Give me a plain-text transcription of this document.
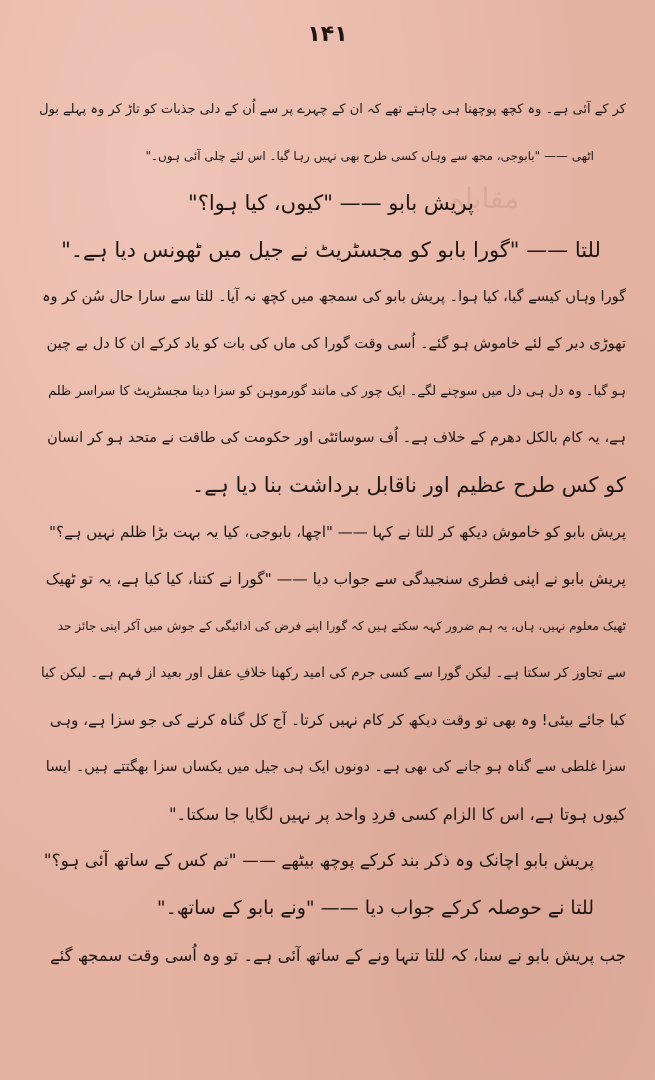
مقابلہ
۱۴۱
کر کے آئی ہے۔ وہ کچھ پوچھنا ہی چاہتے تھے کہ ان کے چہرے پر سے اُن کے دلی جذبات کو تاڑ کر وہ پہلے بول
اٹھی —— "بابوجی، مجھ سے وہاں کسی طرح بھی نہیں رہا گیا۔ اس لئے چلی آئی ہوں۔"
پریش بابو —— "کیوں، کیا ہوا؟"
للتا —— "گورا بابو کو مجسٹریٹ نے جیل میں ٹھونس دیا ہے۔"
گورا وہاں کیسے گیا، کیا ہوا۔ پریش بابو کی سمجھ میں کچھ نہ آیا۔ للتا سے سارا حال سُن کر وہ
تھوڑی دیر کے لئے خاموش ہو گئے۔ اُسی وقت گورا کی ماں کی بات کو یاد کرکے ان کا دل بے چین
ہو گیا۔ وہ دل ہی دل میں سوچنے لگے۔ ایک چور کی مانند گورموہن کو سزا دینا مجسٹریٹ کا سراسر ظلم
ہے، یہ کام بالکل دھرم کے خلاف ہے۔ اُف سوسائٹی اور حکومت کی طاقت نے متحد ہو کر انسان
کو کس طرح عظیم اور ناقابل برداشت بنا دیا ہے۔
پریش بابو کو خاموش دیکھ کر للتا نے کہا —— "اچھا، بابوجی، کیا یہ بہت بڑا ظلم نہیں ہے؟"
پریش بابو نے اپنی فطری سنجیدگی سے جواب دیا —— "گورا نے کتنا، کیا کیا ہے، یہ تو ٹھیک
ٹھیک معلوم نہیں، ہاں، یہ ہم ضرور کہہ سکتے ہیں کہ گورا اپنے فرض کی ادائیگی کے جوش میں آکر اپنی جائز حد
سے تجاوز کر سکتا ہے۔ لیکن گورا سے کسی جرم کی امید رکھنا خلافِ عقل اور بعید از فہم ہے۔ لیکن کیا
کیا جائے بیٹی! وہ بھی تو وقت دیکھ کر کام نہیں کرتا۔ آج کل گناہ کرنے کی جو سزا ہے، وہی
سزا غلطی سے گناہ ہو جانے کی بھی ہے۔ دونوں ایک ہی جیل میں یکساں سزا بھگتتے ہیں۔ ایسا
کیوں ہوتا ہے، اس کا الزام کسی فردِ واحد پر نہیں لگایا جا سکتا۔"
پریش بابو اچانک وہ ذکر بند کرکے پوچھ بیٹھے —— "تم کس کے ساتھ آئی ہو؟"
للتا نے حوصلہ کرکے جواب دیا —— "ونے بابو کے ساتھ۔"
جب پریش بابو نے سنا، کہ للتا تنہا ونے کے ساتھ آئی ہے۔ تو وہ اُسی وقت سمجھ گئے
